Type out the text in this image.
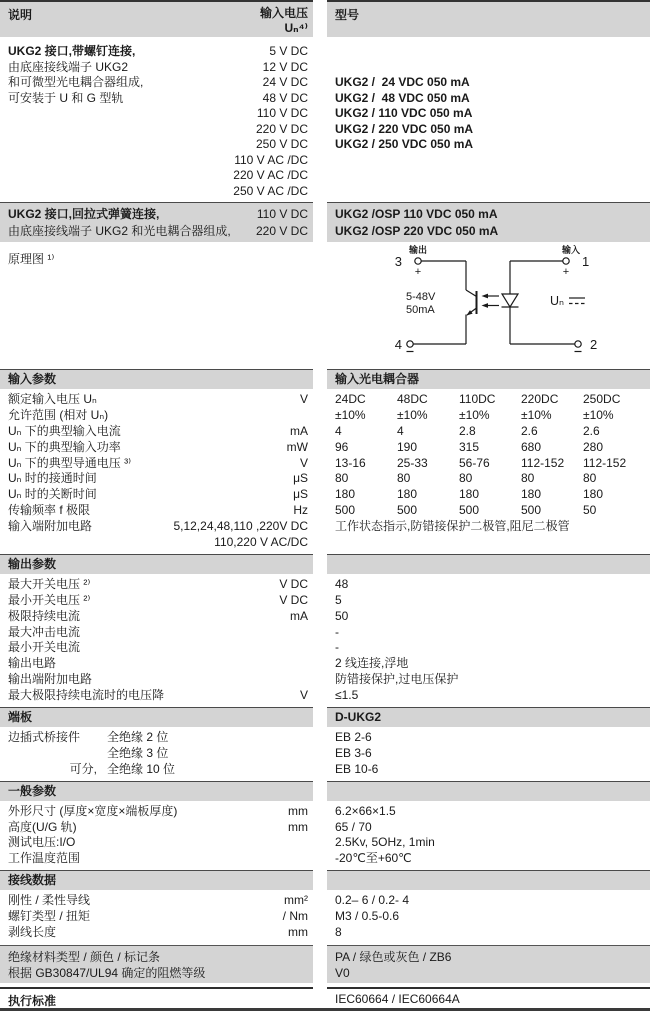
说明	输入电压
Uₙ⁴⁾
型号
UKG2 接口,带螺钉连接,	5 V DC
由底座接线端子 UKG2	12 V DC
和可微型光电耦合器组成,	24 V DC	UKG2 /  24 VDC 050 mA
可安装于 U 和 G 型轨	48 V DC	UKG2 /  48 VDC 050 mA
110 V DC	UKG2 / 110 VDC 050 mA
220 V DC	UKG2 / 220 VDC 050 mA
250 V DC	UKG2 / 250 VDC 050 mA
110 V AC /DC
220 V AC /DC
250 V AC /DC
UKG2 接口,回拉式弹簧连接,	110 V DC
由底座接线端子 UKG2 和光电耦合器组成, 220 V DC
UKG2 /OSP 110 VDC 050 mA
UKG2 /OSP 220 VDC 050 mA
原理图 ¹⁾
输出	输入
3
4
1
2
+	+
5-48V
50mA
Uₙ
输入参数	输入光电耦合器
额定输入电压 Uₙ	V 24DC	48DC	110DC	220DC	250DC
允许范围 (相对 Uₙ)	±10%	±10%	±10%	±10%	±10%
Uₙ 下的典型输入电流	mA 4	4	2.8	2.6	2.6
Uₙ 下的典型输入功率	mW 96	190	315	680	280
Uₙ 下的典型导通电压 ³⁾	V 13-16	25-33	56-76	112-152	112-152
Uₙ 时的接通时间	μS 80	80	80	80	80
Uₙ 时的关断时间	μS 180	180	180	180	180
传输频率 f 极限	Hz 500	500	500	500	50
输入端附加电路	5,12,24,48,110 ,220V DC	工作状态指示,防错接保护二极管,阻尼二极管
110,220 V AC/DC
输出参数
最大开关电压 ²⁾	V DC	48
最小开关电压 ²⁾	V DC	5
极限持续电流	mA	50
最大冲击电流	-
最小开关电流	-
输出电路	2 线连接,浮地
输出端附加电路	防错接保护,过电压保护
最大极限持续电流时的电压降	V	≤1.5
端板	D-UKG2
边插式桥接件	全绝缘 2 位	EB 2-6
全绝缘 3 位	EB 3-6
可分, 全绝缘 10 位	EB 10-6
一般参数
外形尺寸 (厚度×宽度×端板厚度)	mm	6.2×66×1.5
高度(U/G 轨)	mm	65 / 70
测试电压:I/O	2.5Kv, 5OHz, 1min
工作温度范围	-20℃至+60℃
接线数据
刚性 / 柔性导线	mm²	0.2– 6 / 0.2- 4
螺钉类型 / 扭矩	/ Nm	M3 / 0.5-0.6
剥线长度	mm	8
绝缘材料类型 / 颜色 / 标记条
根据 GB30847/UL94 确定的阻燃等级
PA / 绿色或灰色 / ZB6
V0
执行标准	IEC60664 / IEC60664A
